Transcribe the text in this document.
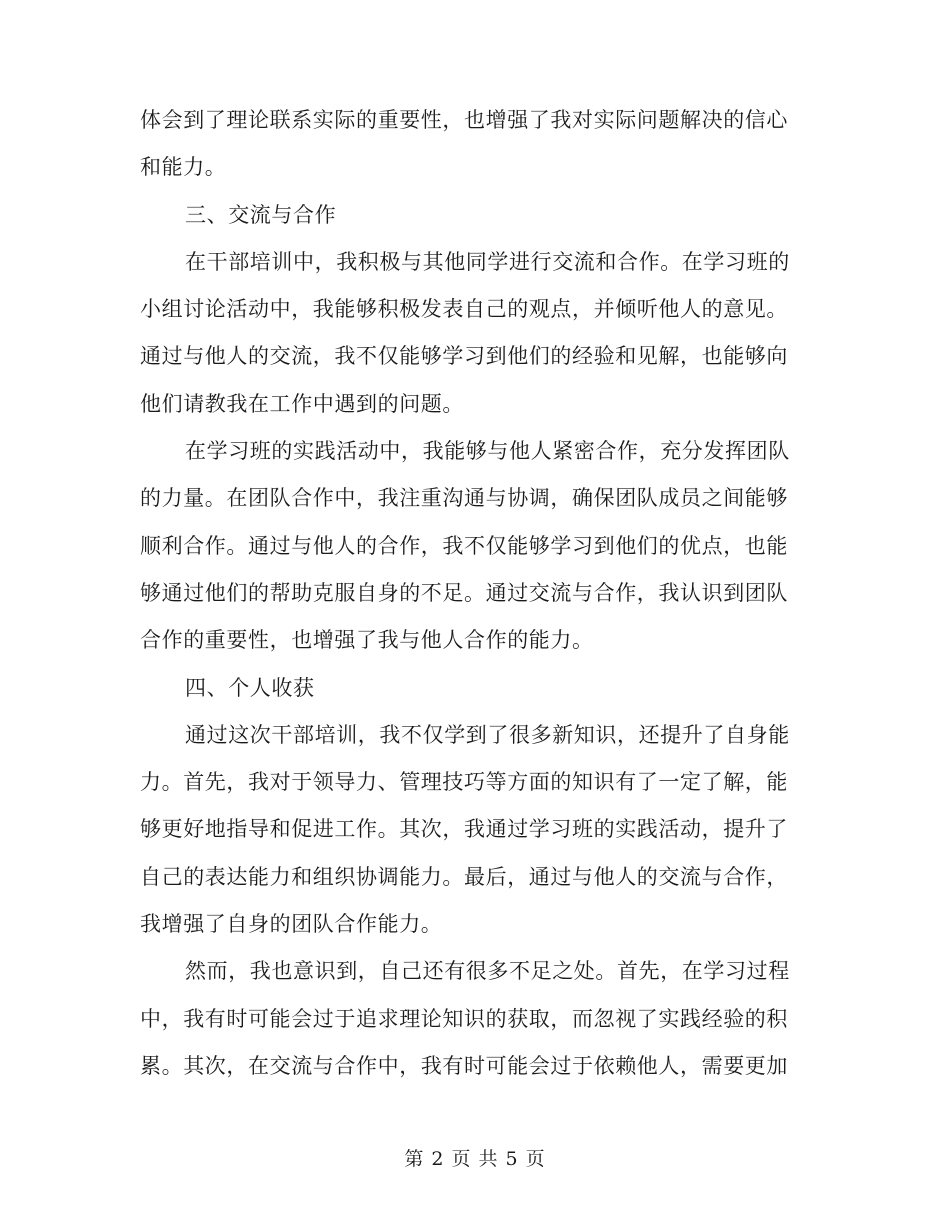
体会到了理论联系实际的重要性，也增强了我对实际问题解决的信心
和能力。
三、交流与合作
在干部培训中，我积极与其他同学进行交流和合作。在学习班的
小组讨论活动中，我能够积极发表自己的观点，并倾听他人的意见。
通过与他人的交流，我不仅能够学习到他们的经验和见解，也能够向
他们请教我在工作中遇到的问题。
在学习班的实践活动中，我能够与他人紧密合作，充分发挥团队
的力量。在团队合作中，我注重沟通与协调，确保团队成员之间能够
顺利合作。通过与他人的合作，我不仅能够学习到他们的优点，也能
够通过他们的帮助克服自身的不足。通过交流与合作，我认识到团队
合作的重要性，也增强了我与他人合作的能力。
四、个人收获
通过这次干部培训，我不仅学到了很多新知识，还提升了自身能
力。首先，我对于领导力、管理技巧等方面的知识有了一定了解，能
够更好地指导和促进工作。其次，我通过学习班的实践活动，提升了
自己的表达能力和组织协调能力。最后，通过与他人的交流与合作，
我增强了自身的团队合作能力。
然而，我也意识到，自己还有很多不足之处。首先，在学习过程
中，我有时可能会过于追求理论知识的获取，而忽视了实践经验的积
累。其次，在交流与合作中，我有时可能会过于依赖他人，需要更加
第 2 页 共 5 页
